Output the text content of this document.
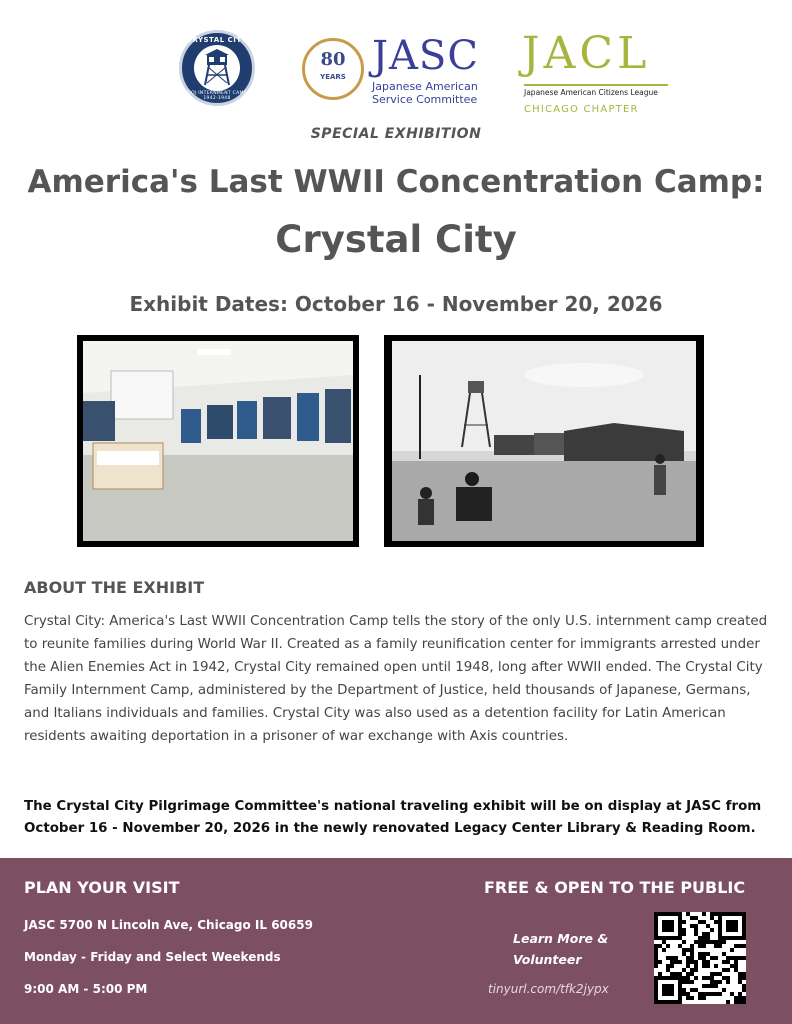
CRYSTAL CITY
DOJ INTERNMENT CAMP 1942-1948
80
YEARS JASC
Japanese American
Service Committee
JACL
Japanese American Citizens League
CHICAGO CHAPTER
SPECIAL EXHIBITION
America's Last WWII Concentration Camp:
Crystal City
Exhibit Dates: October 16 - November 20, 2026
ABOUT THE EXHIBIT
Crystal City: America's Last WWII Concentration Camp tells the story of the only U.S. internment camp created to reunite families during World War II. Created as a family reunification center for immigrants arrested under the Alien Enemies Act in 1942, Crystal City remained open until 1948, long after WWII ended. The Crystal City Family Internment Camp, administered by the Department of Justice, held thousands of Japanese, Germans, and Italians individuals and families. Crystal City was also used as a detention facility for Latin American residents awaiting deportation in a prisoner of war exchange with Axis countries.
The Crystal City Pilgrimage Committee's national traveling exhibit will be on display at JASC from October 16 - November 20, 2026 in the newly renovated Legacy Center Library & Reading Room.
PLAN YOUR VISIT
JASC 5700 N Lincoln Ave, Chicago IL 60659
Monday - Friday and Select Weekends
9:00 AM - 5:00 PM
FREE & OPEN TO THE PUBLIC
Learn More &
Volunteer
tinyurl.com/tfk2jypx
